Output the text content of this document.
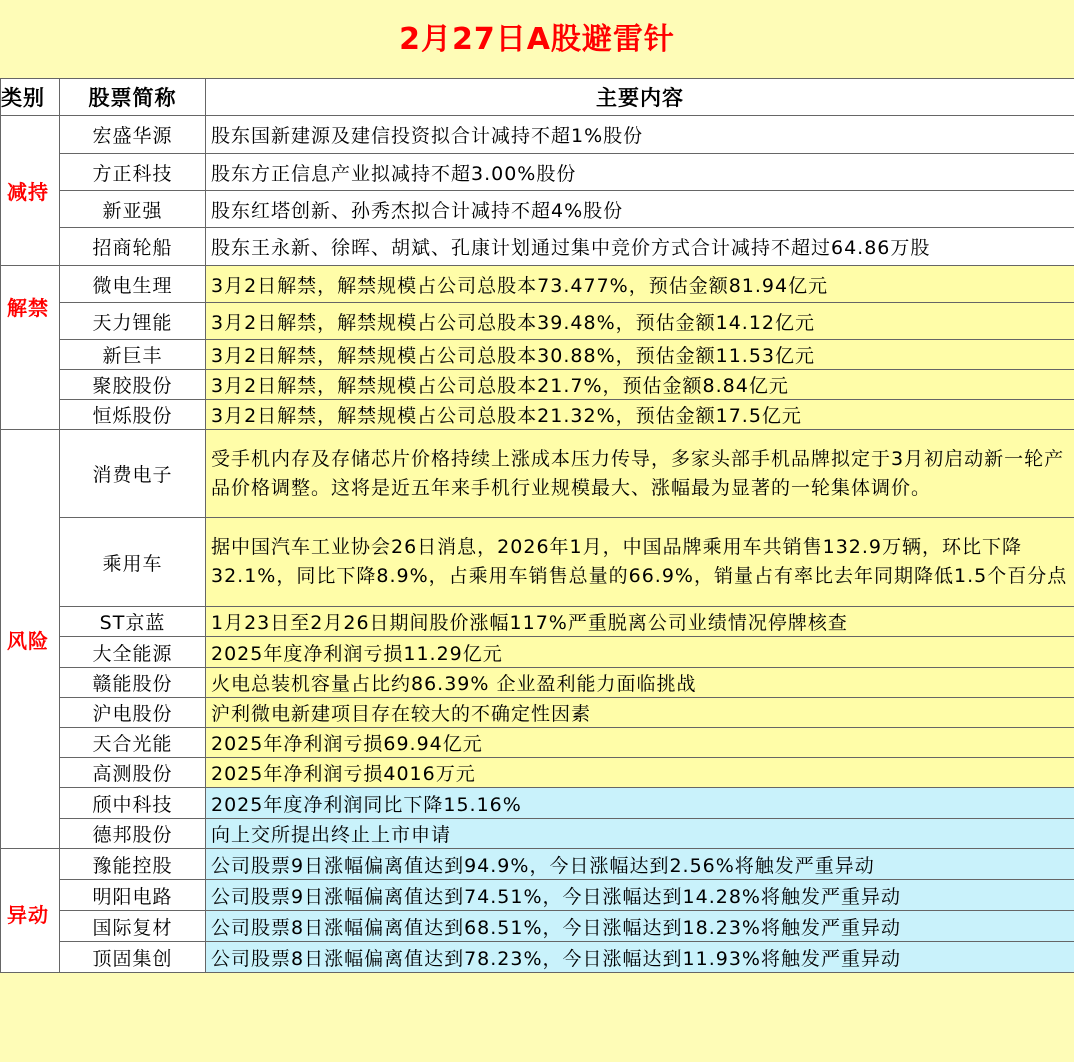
2月27日A股避雷针
类别	股票简称	主要内容
减持	宏盛华源	股东国新建源及建信投资拟合计减持不超1%股份
	方正科技	股东方正信息产业拟减持不超3.00%股份
	新亚强	股东红塔创新、孙秀杰拟合计减持不超4%股份
	招商轮船	股东王永新、徐晖、胡斌、孔康计划通过集中竞价方式合计减持不超过64.86万股
解禁	微电生理	3月2日解禁，解禁规模占公司总股本73.477%，预估金额81.94亿元
	天力锂能	3月2日解禁，解禁规模占公司总股本39.48%，预估金额14.12亿元
	新巨丰	3月2日解禁，解禁规模占公司总股本30.88%，预估金额11.53亿元
	聚胶股份	3月2日解禁，解禁规模占公司总股本21.7%，预估金额8.84亿元
	恒烁股份	3月2日解禁，解禁规模占公司总股本21.32%，预估金额17.5亿元
风险	消费电子	受手机内存及存储芯片价格持续上涨成本压力传导，多家头部手机品牌拟定于3月初启动新一轮产品价格调整。这将是近五年来手机行业规模最大、涨幅最为显著的一轮集体调价。
	乘用车	据中国汽车工业协会26日消息，2026年1月，中国品牌乘用车共销售132.9万辆，环比下降32.1%，同比下降8.9%，占乘用车销售总量的66.9%，销量占有率比去年同期降低1.5个百分点
	ST京蓝	1月23日至2月26日期间股价涨幅117%严重脱离公司业绩情况停牌核查
	大全能源	2025年度净利润亏损11.29亿元
	赣能股份	火电总装机容量占比约86.39% 企业盈利能力面临挑战
	沪电股份	沪利微电新建项目存在较大的不确定性因素
	天合光能	2025年净利润亏损69.94亿元
	高测股份	2025年净利润亏损4016万元
	颀中科技	2025年度净利润同比下降15.16%
	德邦股份	向上交所提出终止上市申请
异动	豫能控股	公司股票9日涨幅偏离值达到94.9%，今日涨幅达到2.56%将触发严重异动
	明阳电路	公司股票9日涨幅偏离值达到74.51%，今日涨幅达到14.28%将触发严重异动
	国际复材	公司股票8日涨幅偏离值达到68.51%，今日涨幅达到18.23%将触发严重异动
	顶固集创	公司股票8日涨幅偏离值达到78.23%，今日涨幅达到11.93%将触发严重异动
